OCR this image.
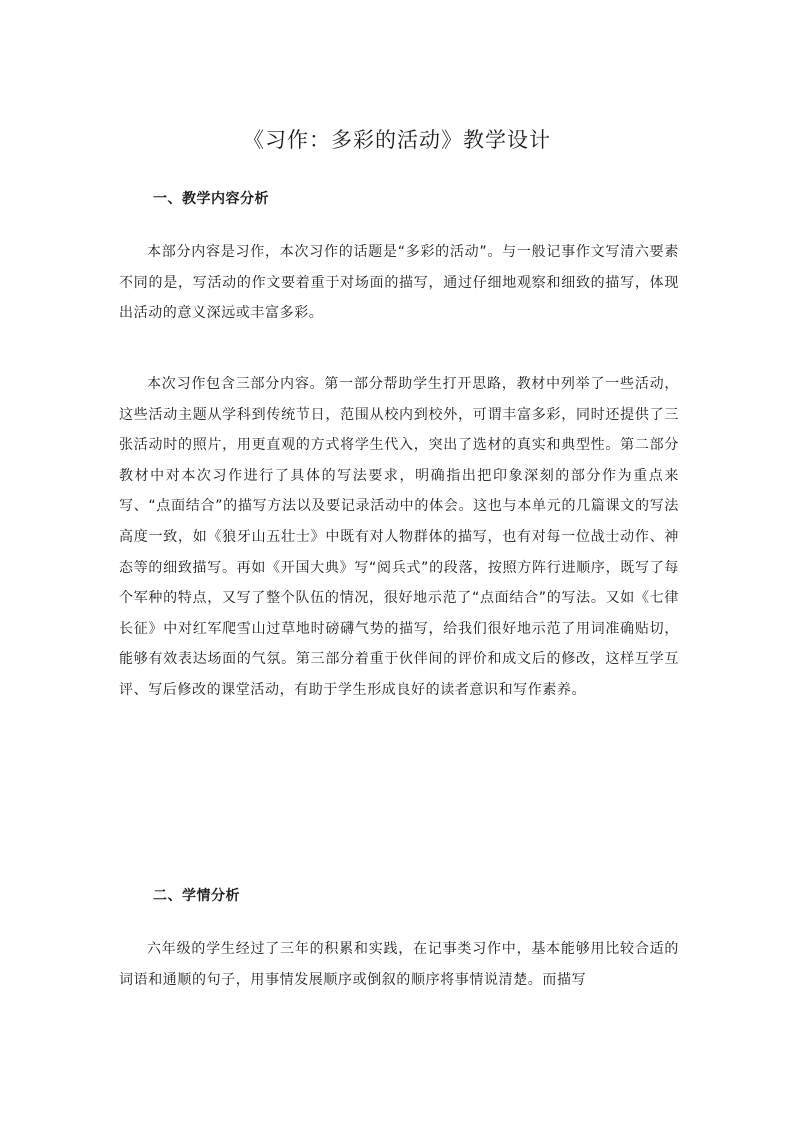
《习作：多彩的活动》教学设计
一、教学内容分析

本部分内容是习作，本次习作的话题是“多彩的活动”。与一般记事作文写清六要素不同的是，写活动的作文要着重于对场面的描写，通过仔细地观察和细致的描写，体现出活动的意义深远或丰富多彩。

本次习作包含三部分内容。第一部分帮助学生打开思路，教材中列举了一些活动，这些活动主题从学科到传统节日，范围从校内到校外，可谓丰富多彩，同时还提供了三张活动时的照片，用更直观的方式将学生代入，突出了选材的真实和典型性。第二部分教材中对本次习作进行了具体的写法要求，明确指出把印象深刻的部分作为重点来写、“点面结合”的描写方法以及要记录活动中的体会。这也与本单元的几篇课文的写法高度一致，如《狼牙山五壮士》中既有对人物群体的描写，也有对每一位战士动作、神态等的细致描写。再如《开国大典》写“阅兵式”的段落，按照方阵行进顺序，既写了每个军种的特点，又写了整个队伍的情况，很好地示范了“点面结合”的写法。又如《七律长征》中对红军爬雪山过草地时磅礴气势的描写，给我们很好地示范了用词准确贴切，能够有效表达场面的气氛。第三部分着重于伙伴间的评价和成文后的修改，这样互学互评、写后修改的课堂活动，有助于学生形成良好的读者意识和写作素养。

二、学情分析

六年级的学生经过了三年的积累和实践，在记事类习作中，基本能够用比较合适的词语和通顺的句子，用事情发展顺序或倒叙的顺序将事情说清楚。而描写
